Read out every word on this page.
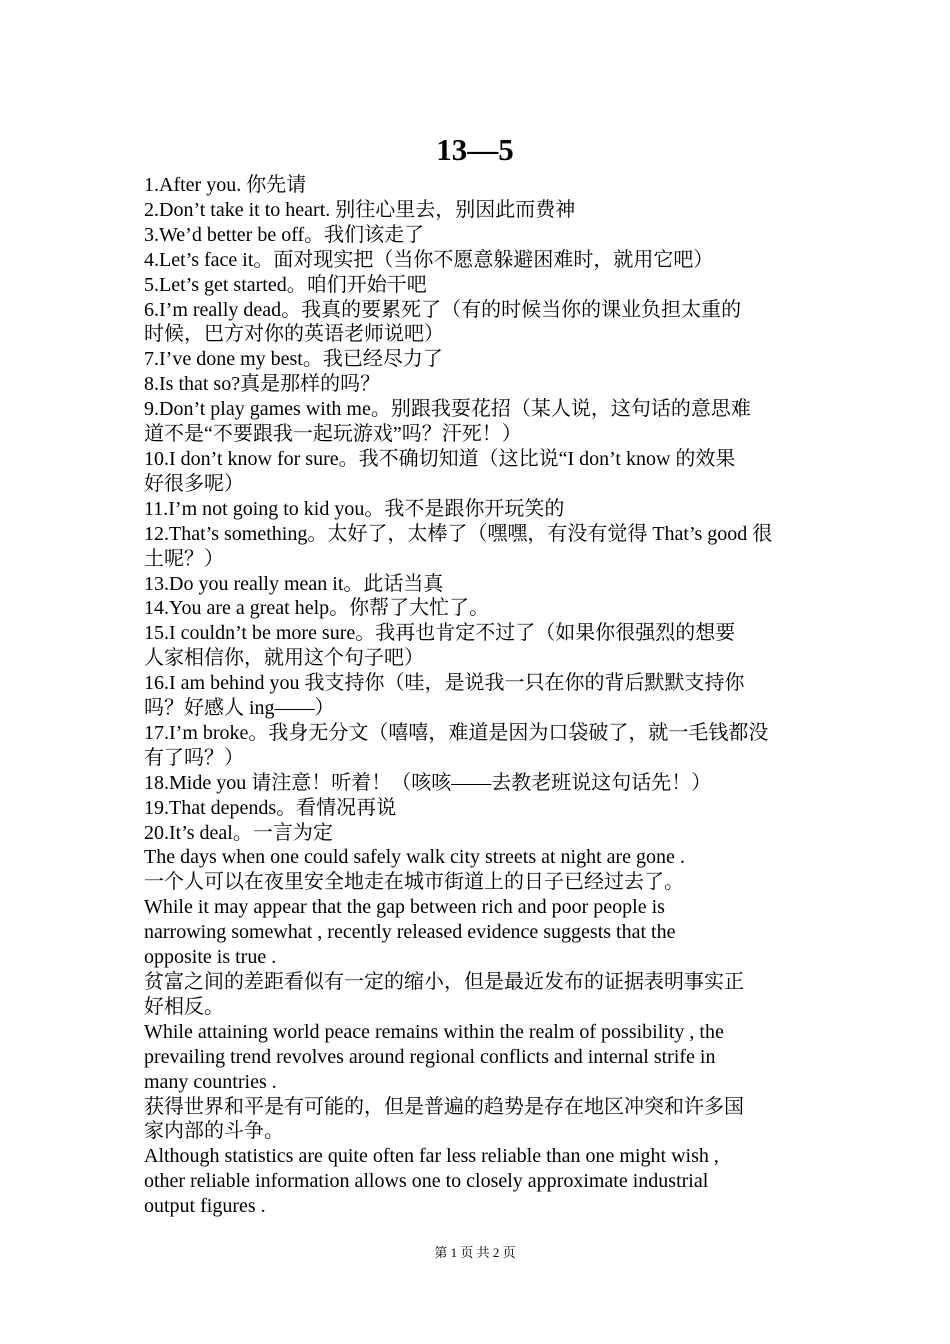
13—5
1.After you. 你先请
2.Don’t take it to heart. 别往心里去，别因此而费神
3.We’d better be off。我们该走了
4.Let’s face it。面对现实把（当你不愿意躲避困难时，就用它吧）
5.Let’s get started。咱们开始干吧
6.I’m really dead。我真的要累死了（有的时候当你的课业负担太重的
时候，巴方对你的英语老师说吧）
7.I’ve done my best。我已经尽力了
8.Is that so?真是那样的吗？
9.Don’t play games with me。别跟我耍花招（某人说，这句话的意思难
道不是“不要跟我一起玩游戏”吗？汗死！）
10.I don’t know for sure。我不确切知道（这比说“I don’t know 的效果
好很多呢）
11.I’m not going to kid you。我不是跟你开玩笑的
12.That’s something。太好了，太棒了（嘿嘿，有没有觉得 That’s good 很
土呢？）
13.Do you really mean it。此话当真
14.You are a great help。你帮了大忙了。
15.I couldn’t be more sure。我再也肯定不过了（如果你很强烈的想要
人家相信你，就用这个句子吧）
16.I am behind you 我支持你（哇，是说我一只在你的背后默默支持你
吗？好感人 ing——）
17.I’m broke。我身无分文（嘻嘻，难道是因为口袋破了，就一毛钱都没
有了吗？）
18.Mide you 请注意！听着！（咳咳——去教老班说这句话先！）
19.That depends。看情况再说
20.It’s deal。一言为定
The days when one could safely walk city streets at night are gone .
一个人可以在夜里安全地走在城市街道上的日子已经过去了。
While it may appear that the gap between rich and poor people is
narrowing somewhat , recently released evidence suggests that the
opposite is true .
贫富之间的差距看似有一定的缩小，但是最近发布的证据表明事实正
好相反。
While attaining world peace remains within the realm of possibility , the
prevailing trend revolves around regional conflicts and internal strife in
many countries .
获得世界和平是有可能的，但是普遍的趋势是存在地区冲突和许多国
家内部的斗争。
Although statistics are quite often far less reliable than one might wish ,
other reliable information allows one to closely approximate industrial
output figures .
第 1 页 共 2 页
